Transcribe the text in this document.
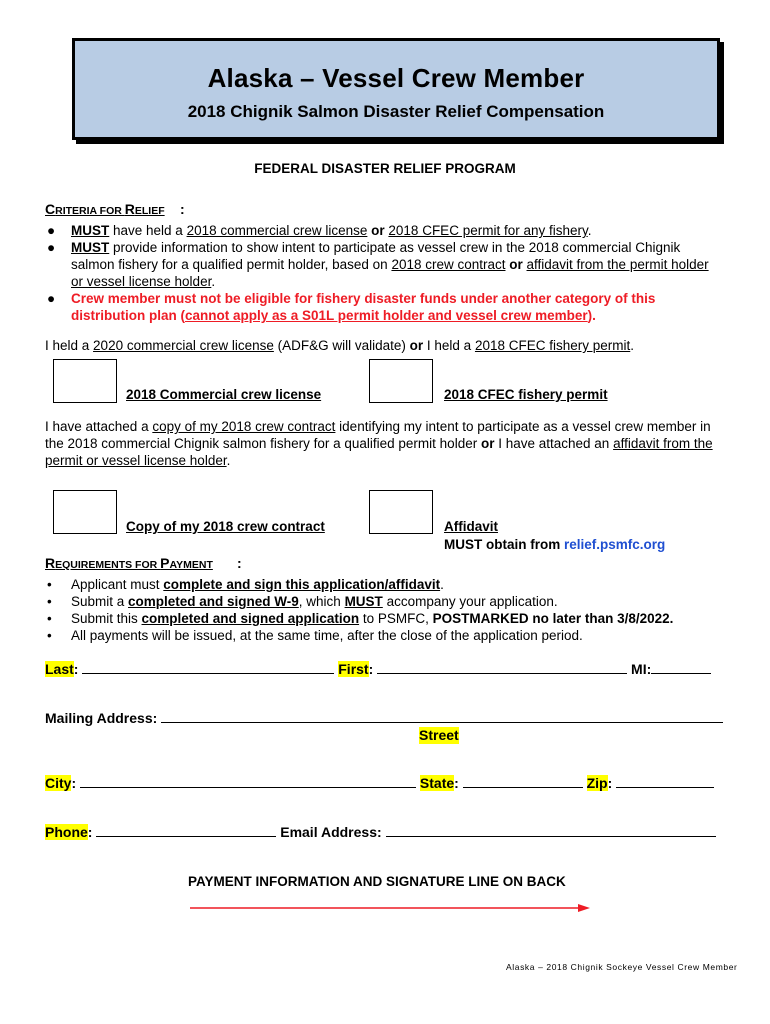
Alaska – Vessel Crew Member
2018 Chignik Salmon Disaster Relief Compensation
FEDERAL DISASTER RELIEF PROGRAM
CRITERIA FOR RELIEF :
● MUST have held a 2018 commercial crew license or 2018 CFEC permit for any fishery.
● MUST provide information to show intent to participate as vessel crew in the 2018 commercial Chignik salmon fishery for a qualified permit holder, based on 2018 crew contract or affidavit from the permit holder or vessel license holder.
● Crew member must not be eligible for fishery disaster funds under another category of this distribution plan (cannot apply as a S01L permit holder and vessel crew member).
I held a 2020 commercial crew license (ADF&G will validate) or I held a 2018 CFEC fishery permit.
2018 Commercial crew license	2018 CFEC fishery permit
I have attached a copy of my 2018 crew contract identifying my intent to participate as a vessel crew member in the 2018 commercial Chignik salmon fishery for a qualified permit holder or I have attached an affidavit from the permit or vessel license holder.
Copy of my 2018 crew contract	Affidavit
MUST obtain from relief.psmfc.org
REQUIREMENTS FOR PAYMENT :
• Applicant must complete and sign this application/affidavit.
• Submit a completed and signed W-9, which MUST accompany your application.
• Submit this completed and signed application to PSMFC, POSTMARKED no later than 3/8/2022.
• All payments will be issued, at the same time, after the close of the application period.
Last:	First:	MI:
Mailing Address:
Street
City:	State:	Zip:
Phone:	Email Address:
PAYMENT INFORMATION AND SIGNATURE LINE ON BACK
Alaska – 2018 Chignik Sockeye Vessel Crew Member
